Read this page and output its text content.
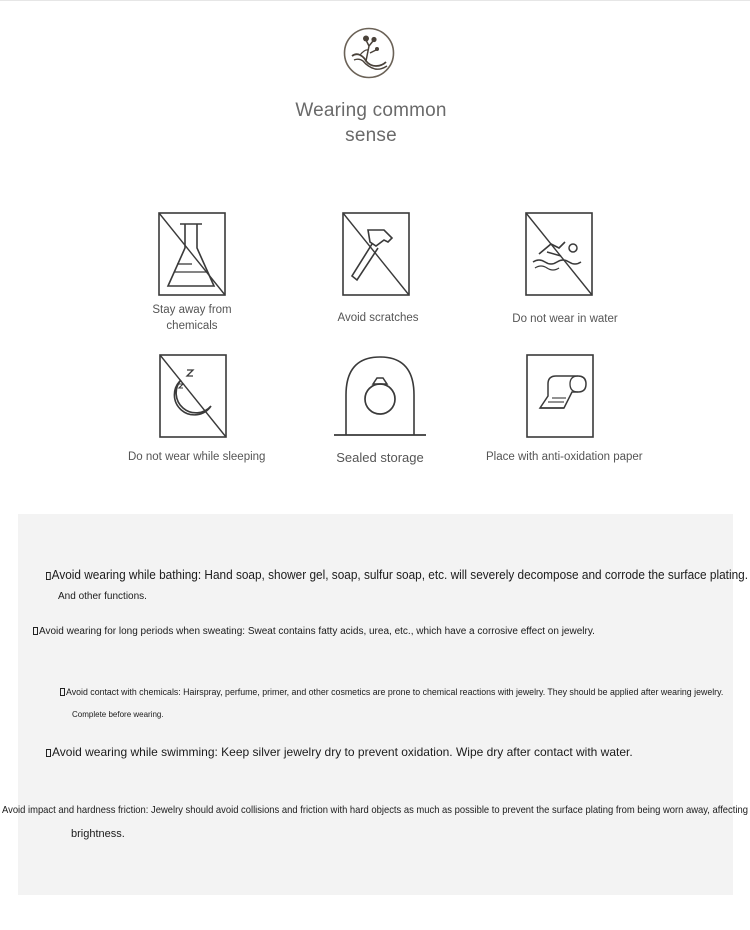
Wearing common
sense
Stay away from
chemicals
Avoid scratches	Do not wear in water
Do not wear while sleeping	Sealed storage	Place with anti-oxidation paper
Avoid wearing while bathing: Hand soap, shower gel, soap, sulfur soap, etc. will severely decompose and corrode the surface plating.
And other functions.
Avoid wearing for long periods when sweating: Sweat contains fatty acids, urea, etc., which have a corrosive effect on jewelry.
Avoid contact with chemicals: Hairspray, perfume, primer, and other cosmetics are prone to chemical reactions with jewelry. They should be applied after wearing jewelry.
Complete before wearing.
Avoid wearing while swimming: Keep silver jewelry dry to prevent oxidation. Wipe dry after contact with water.
Avoid impact and hardness friction: Jewelry should avoid collisions and friction with hard objects as much as possible to prevent the surface plating from being worn away, affecting
brightness.
